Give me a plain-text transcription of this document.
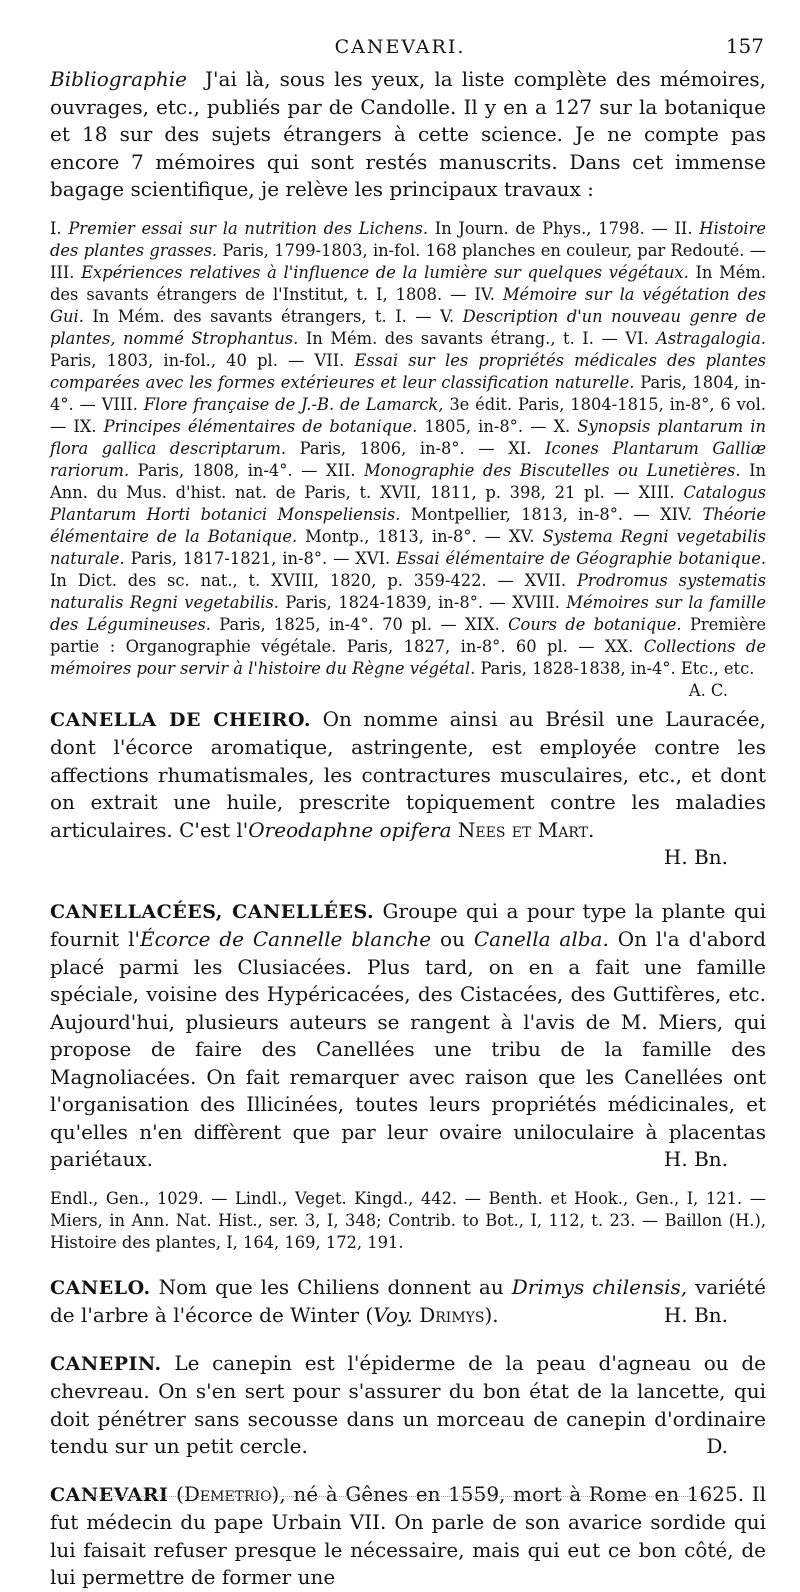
CANEVARI.	157

Bibliographie J'ai là, sous les yeux, la liste complète des mémoires, ouvrages, etc., publiés par de Candolle. Il y en a 127 sur la botanique et 18 sur des sujets étrangers à cette science. Je ne compte pas encore 7 mémoires qui sont restés manuscrits. Dans cet immense bagage scientifique, je relève les principaux travaux :

I. Premier essai sur la nutrition des Lichens. In Journ. de Phys., 1798. — II. Histoire des plantes grasses. Paris, 1799-1803, in-fol. 168 planches en couleur, par Redouté. — III. Expériences relatives à l'influence de la lumière sur quelques végétaux. In Mém. des savants étrangers de l'Institut, t. I, 1808. — IV. Mémoire sur la végétation des Gui. In Mém. des savants étrangers, t. I. — V. Description d'un nouveau genre de plantes, nommé Strophantus. In Mém. des savants étrang., t. I. — VI. Astragalogia. Paris, 1803, in-fol., 40 pl. — VII. Essai sur les propriétés médicales des plantes comparées avec les formes extérieures et leur classification naturelle. Paris, 1804, in-4°. — VIII. Flore française de J.-B. de Lamarck, 3e édit. Paris, 1804-1815, in-8°, 6 vol. — IX. Principes élémentaires de botanique. 1805, in-8°. — X. Synopsis plantarum in flora gallica descriptarum. Paris, 1806, in-8°. — XI. Icones Plantarum Galliæ rariorum. Paris, 1808, in-4°. — XII. Monographie des Biscutelles ou Lunetières. In Ann. du Mus. d'hist. nat. de Paris, t. XVII, 1811, p. 398, 21 pl. — XIII. Catalogus Plantarum Horti botanici Monspeliensis. Montpellier, 1813, in-8°. — XIV. Théorie élémentaire de la Botanique. Montp., 1813, in-8°. — XV. Systema Regni vegetabilis naturale. Paris, 1817-1821, in-8°. — XVI. Essai élémentaire de Géographie botanique. In Dict. des sc. nat., t. XVIII, 1820, p. 359-422. — XVII. Prodromus systematis naturalis Regni vegetabilis. Paris, 1824-1839, in-8°. — XVIII. Mémoires sur la famille des Légumineuses. Paris, 1825, in-4°. 70 pl. — XIX. Cours de botanique. Première partie : Organographie végétale. Paris, 1827, in-8°. 60 pl. — XX. Collections de mémoires pour servir à l'histoire du Règne végétal. Paris, 1828-1838, in-4°. Etc., etc.
A. C.

CANELLA DE CHEIRO. On nomme ainsi au Brésil une Lauracée, dont l'écorce aromatique, astringente, est employée contre les affections rhumatismales, les contractures musculaires, etc., et dont on extrait une huile, prescrite topiquement contre les maladies articulaires. C'est l'Oreodaphne opifera Nees et Mart.

H. Bn.

CANELLACÉES, CANELLÉES. Groupe qui a pour type la plante qui fournit l'Écorce de Cannelle blanche ou Canella alba. On l'a d'abord placé parmi les Clusiacées. Plus tard, on en a fait une famille spéciale, voisine des Hypéricacées, des Cistacées, des Guttifères, etc. Aujourd'hui, plusieurs auteurs se rangent à l'avis de M. Miers, qui propose de faire des Canellées une tribu de la famille des Magnoliacées. On fait remarquer avec raison que les Canellées ont l'organisation des Illicinées, toutes leurs propriétés médicinales, et qu'elles n'en diffèrent que par leur ovaire uniloculaire à placentas pariétaux.	H. Bn.

Endl., Gen., 1029. — Lindl., Veget. Kingd., 442. — Benth. et Hook., Gen., I, 121. — Miers, in Ann. Nat. Hist., ser. 3, I, 348; Contrib. to Bot., I, 112, t. 23. — Baillon (H.), Histoire des plantes, I, 164, 169, 172, 191.

CANELO. Nom que les Chiliens donnent au Drimys chilensis, variété de l'arbre à l'écorce de Winter (Voy. Drimys).	H. Bn.

CANEPIN. Le canepin est l'épiderme de la peau d'agneau ou de chevreau. On s'en sert pour s'assurer du bon état de la lancette, qui doit pénétrer sans secousse dans un morceau de canepin d'ordinaire tendu sur un petit cercle.	D.

CANEVARI (Demetrio), né à Gênes en 1559, mort à Rome en 1625. Il fut médecin du pape Urbain VII. On parle de son avarice sordide qui lui faisait refuser presque le nécessaire, mais qui eut ce bon côté, de lui permettre de former une
